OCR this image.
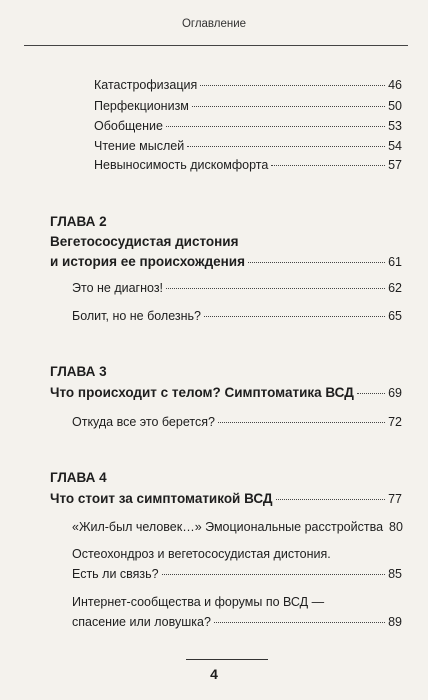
Оглавление
Катастрофизация	46
Перфекционизм	50
Обобщение	53
Чтение мыслей	54
Невыносимость дискомфорта	57
ГЛАВА 2
Вегетососудистая дистония
и история ее происхождения	61
Это не диагноз!	62
Болит, но не болезнь?	65
ГЛАВА 3
Что происходит с телом? Симптоматика ВСД	69
Откуда все это берется?	72
ГЛАВА 4
Что стоит за симптоматикой ВСД	77
«Жил-был человек…» Эмоциональные расстройства 80
Остеохондроз и вегетососудистая дистония.
Есть ли связь?	85
Интернет-сообщества и форумы по ВСД —
спасение или ловушка?	89
4
